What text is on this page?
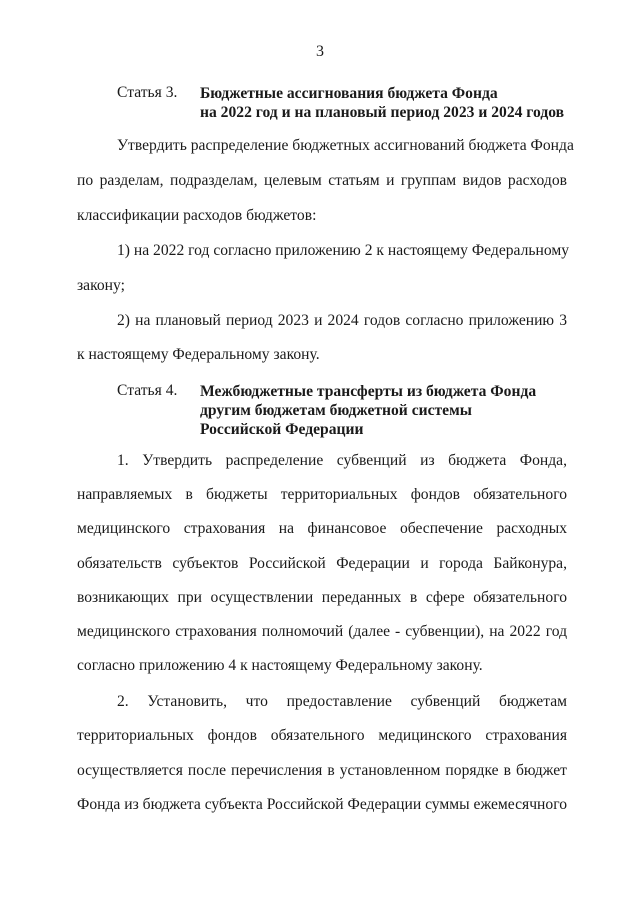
3
Статья 3. Бюджетные ассигнования бюджета Фонда
на 2022 год и на плановый период 2023 и 2024 годов
Утвердить распределение бюджетных ассигнований бюджета Фонда
по разделам, подразделам, целевым статьям и группам видов расходов
классификации расходов бюджетов:
1) на 2022 год согласно приложению 2 к настоящему Федеральному
закону;
2) на плановый период 2023 и 2024 годов согласно приложению 3
к настоящему Федеральному закону.
Статья 4. Межбюджетные трансферты из бюджета Фонда
другим бюджетам бюджетной системы
Российской Федерации
1. Утвердить распределение субвенций из бюджета Фонда,
направляемых в бюджеты территориальных фондов обязательного
медицинского страхования на финансовое обеспечение расходных
обязательств субъектов Российской Федерации и города Байконура,
возникающих при осуществлении переданных в сфере обязательного
медицинского страхования полномочий (далее - субвенции), на 2022 год
согласно приложению 4 к настоящему Федеральному закону.
2. Установить, что предоставление субвенций бюджетам
территориальных фондов обязательного медицинского страхования
осуществляется после перечисления в установленном порядке в бюджет
Фонда из бюджета субъекта Российской Федерации суммы ежемесячного
